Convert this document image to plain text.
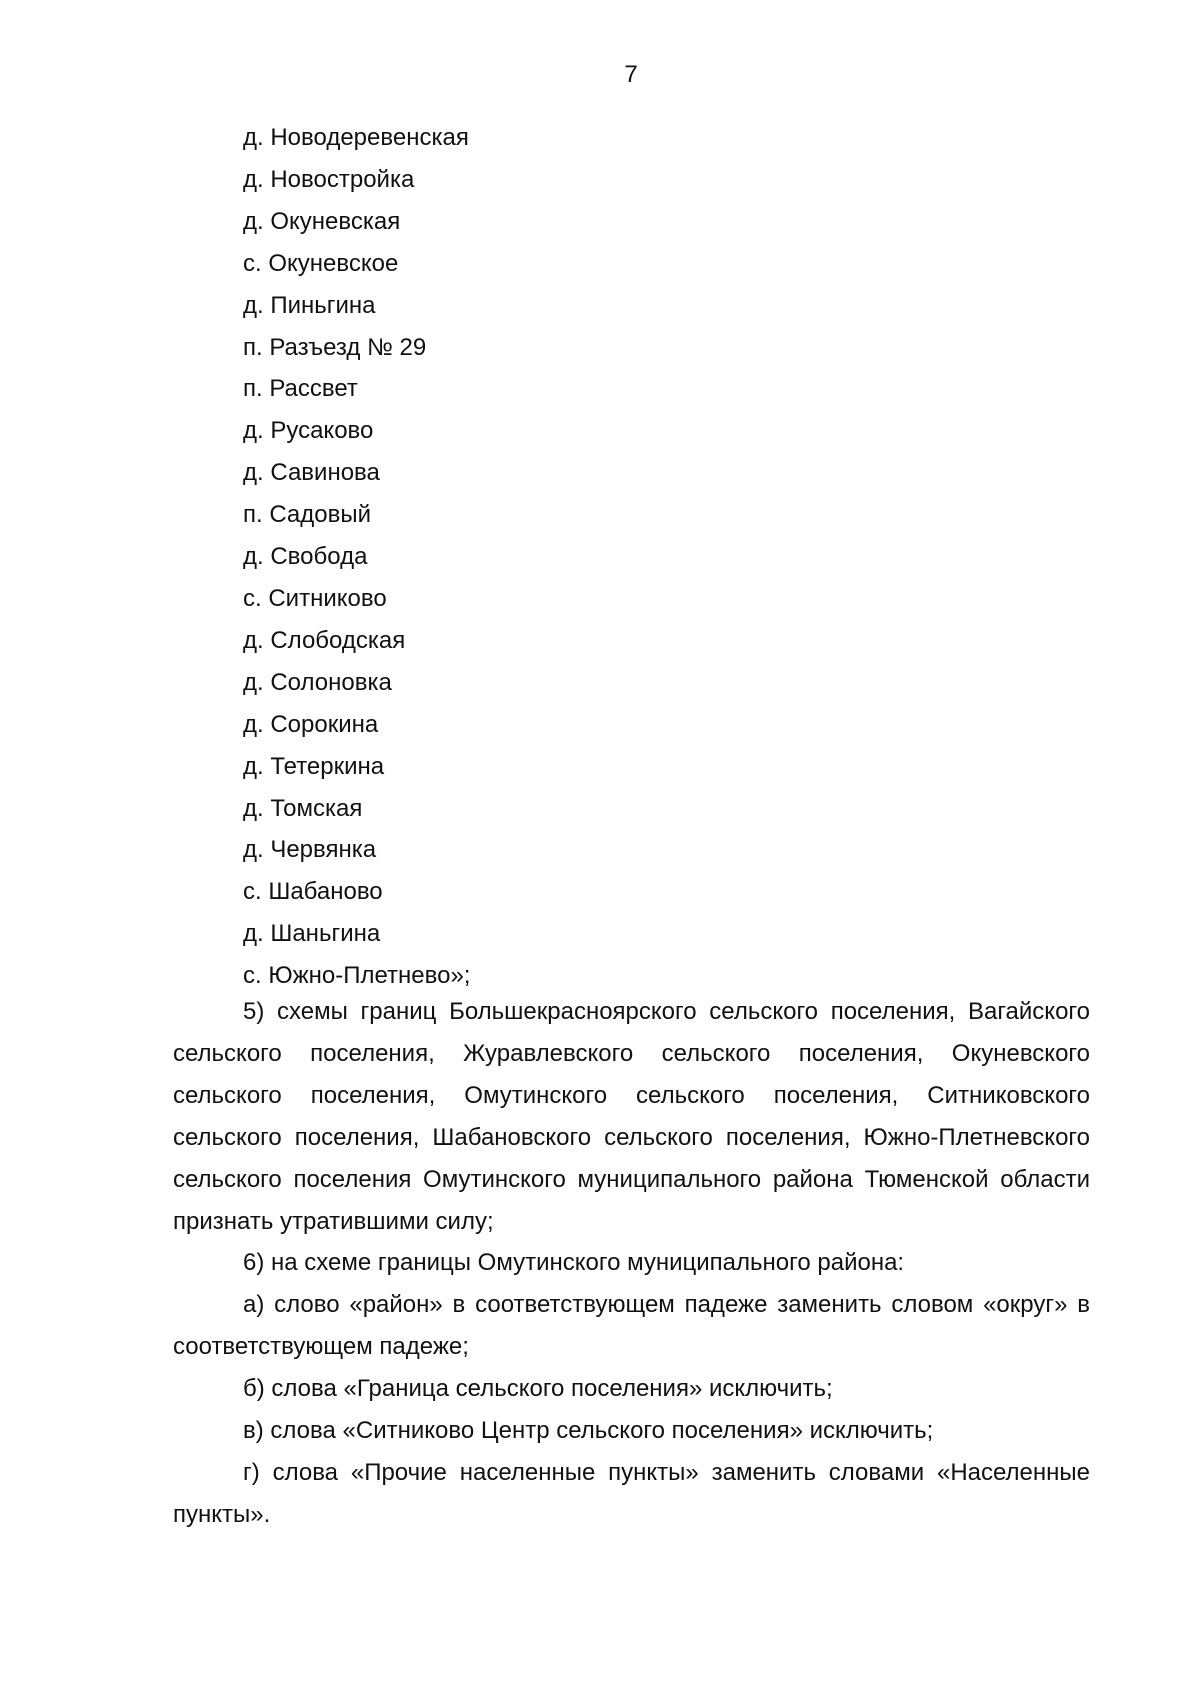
7
д. Новодеревенская
д. Новостройка
д. Окуневская
с. Окуневское
д. Пиньгина
п. Разъезд № 29
п. Рассвет
д. Русаково
д. Савинова
п. Садовый
д. Свобода
с. Ситниково
д. Слободская
д. Солоновка
д. Сорокина
д. Тетеркина
д. Томская
д. Червянка
с. Шабаново
д. Шаньгина
с. Южно-Плетнево»;

5) схемы границ Большекрасноярского сельского поселения, Вагайского сельского поселения, Журавлевского сельского поселения, Окуневского сельского поселения, Омутинского сельского поселения, Ситниковского сельского поселения, Шабановского сельского поселения, Южно-Плетневского сельского поселения Омутинского муниципального района Тюменской области признать утратившими силу;

6) на схеме границы Омутинского муниципального района:

а) слово «район» в соответствующем падеже заменить словом «округ» в соответствующем падеже;

б) слова «Граница сельского поселения» исключить;

в) слова «Ситниково Центр сельского поселения» исключить;

г) слова «Прочие населенные пункты» заменить словами «Населенные пункты».
